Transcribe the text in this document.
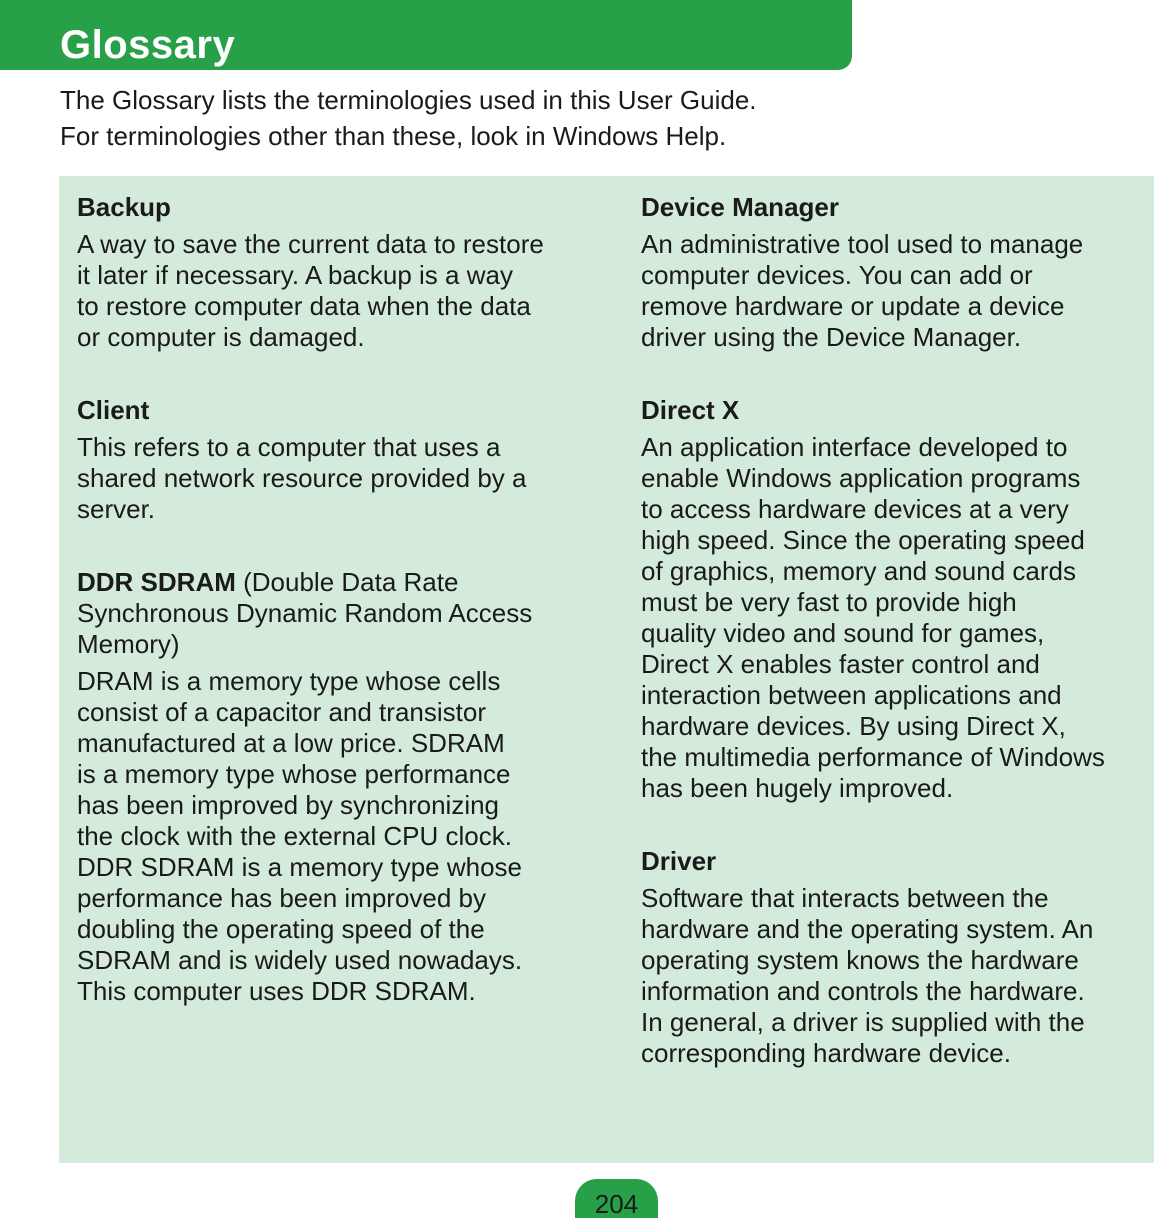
Glossary
The Glossary lists the terminologies used in this User Guide.
For terminologies other than these, look in Windows Help.
Backup
A way to save the current data to restore
it later if necessary. A backup is a way
to restore computer data when the data
or computer is damaged.
Client
This refers to a computer that uses a
shared network resource provided by a
server.
DDR SDRAM (Double Data Rate
Synchronous Dynamic Random Access
Memory)
DRAM is a memory type whose cells
consist of a capacitor and transistor
manufactured at a low price. SDRAM
is a memory type whose performance
has been improved by synchronizing
the clock with the external CPU clock.
DDR SDRAM is a memory type whose
performance has been improved by
doubling the operating speed of the
SDRAM and is widely used nowadays.
This computer uses DDR SDRAM.
Device Manager
An administrative tool used to manage
computer devices. You can add or
remove hardware or update a device
driver using the Device Manager.
Direct X
An application interface developed to
enable Windows application programs
to access hardware devices at a very
high speed. Since the operating speed
of graphics, memory and sound cards
must be very fast to provide high
quality video and sound for games,
Direct X enables faster control and
interaction between applications and
hardware devices. By using Direct X,
the multimedia performance of Windows
has been hugely improved.
Driver
Software that interacts between the
hardware and the operating system. An
operating system knows the hardware
information and controls the hardware.
In general, a driver is supplied with the
corresponding hardware device.
204
